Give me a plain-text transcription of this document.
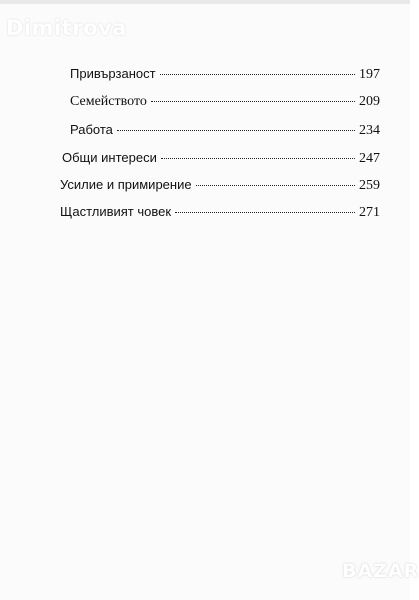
Dimitrova
Привързаност	197
Семейството	209
Работа	234
Общи интереси	247
Усилие и примирение	259
Щастливият човек	271
BAZAR
